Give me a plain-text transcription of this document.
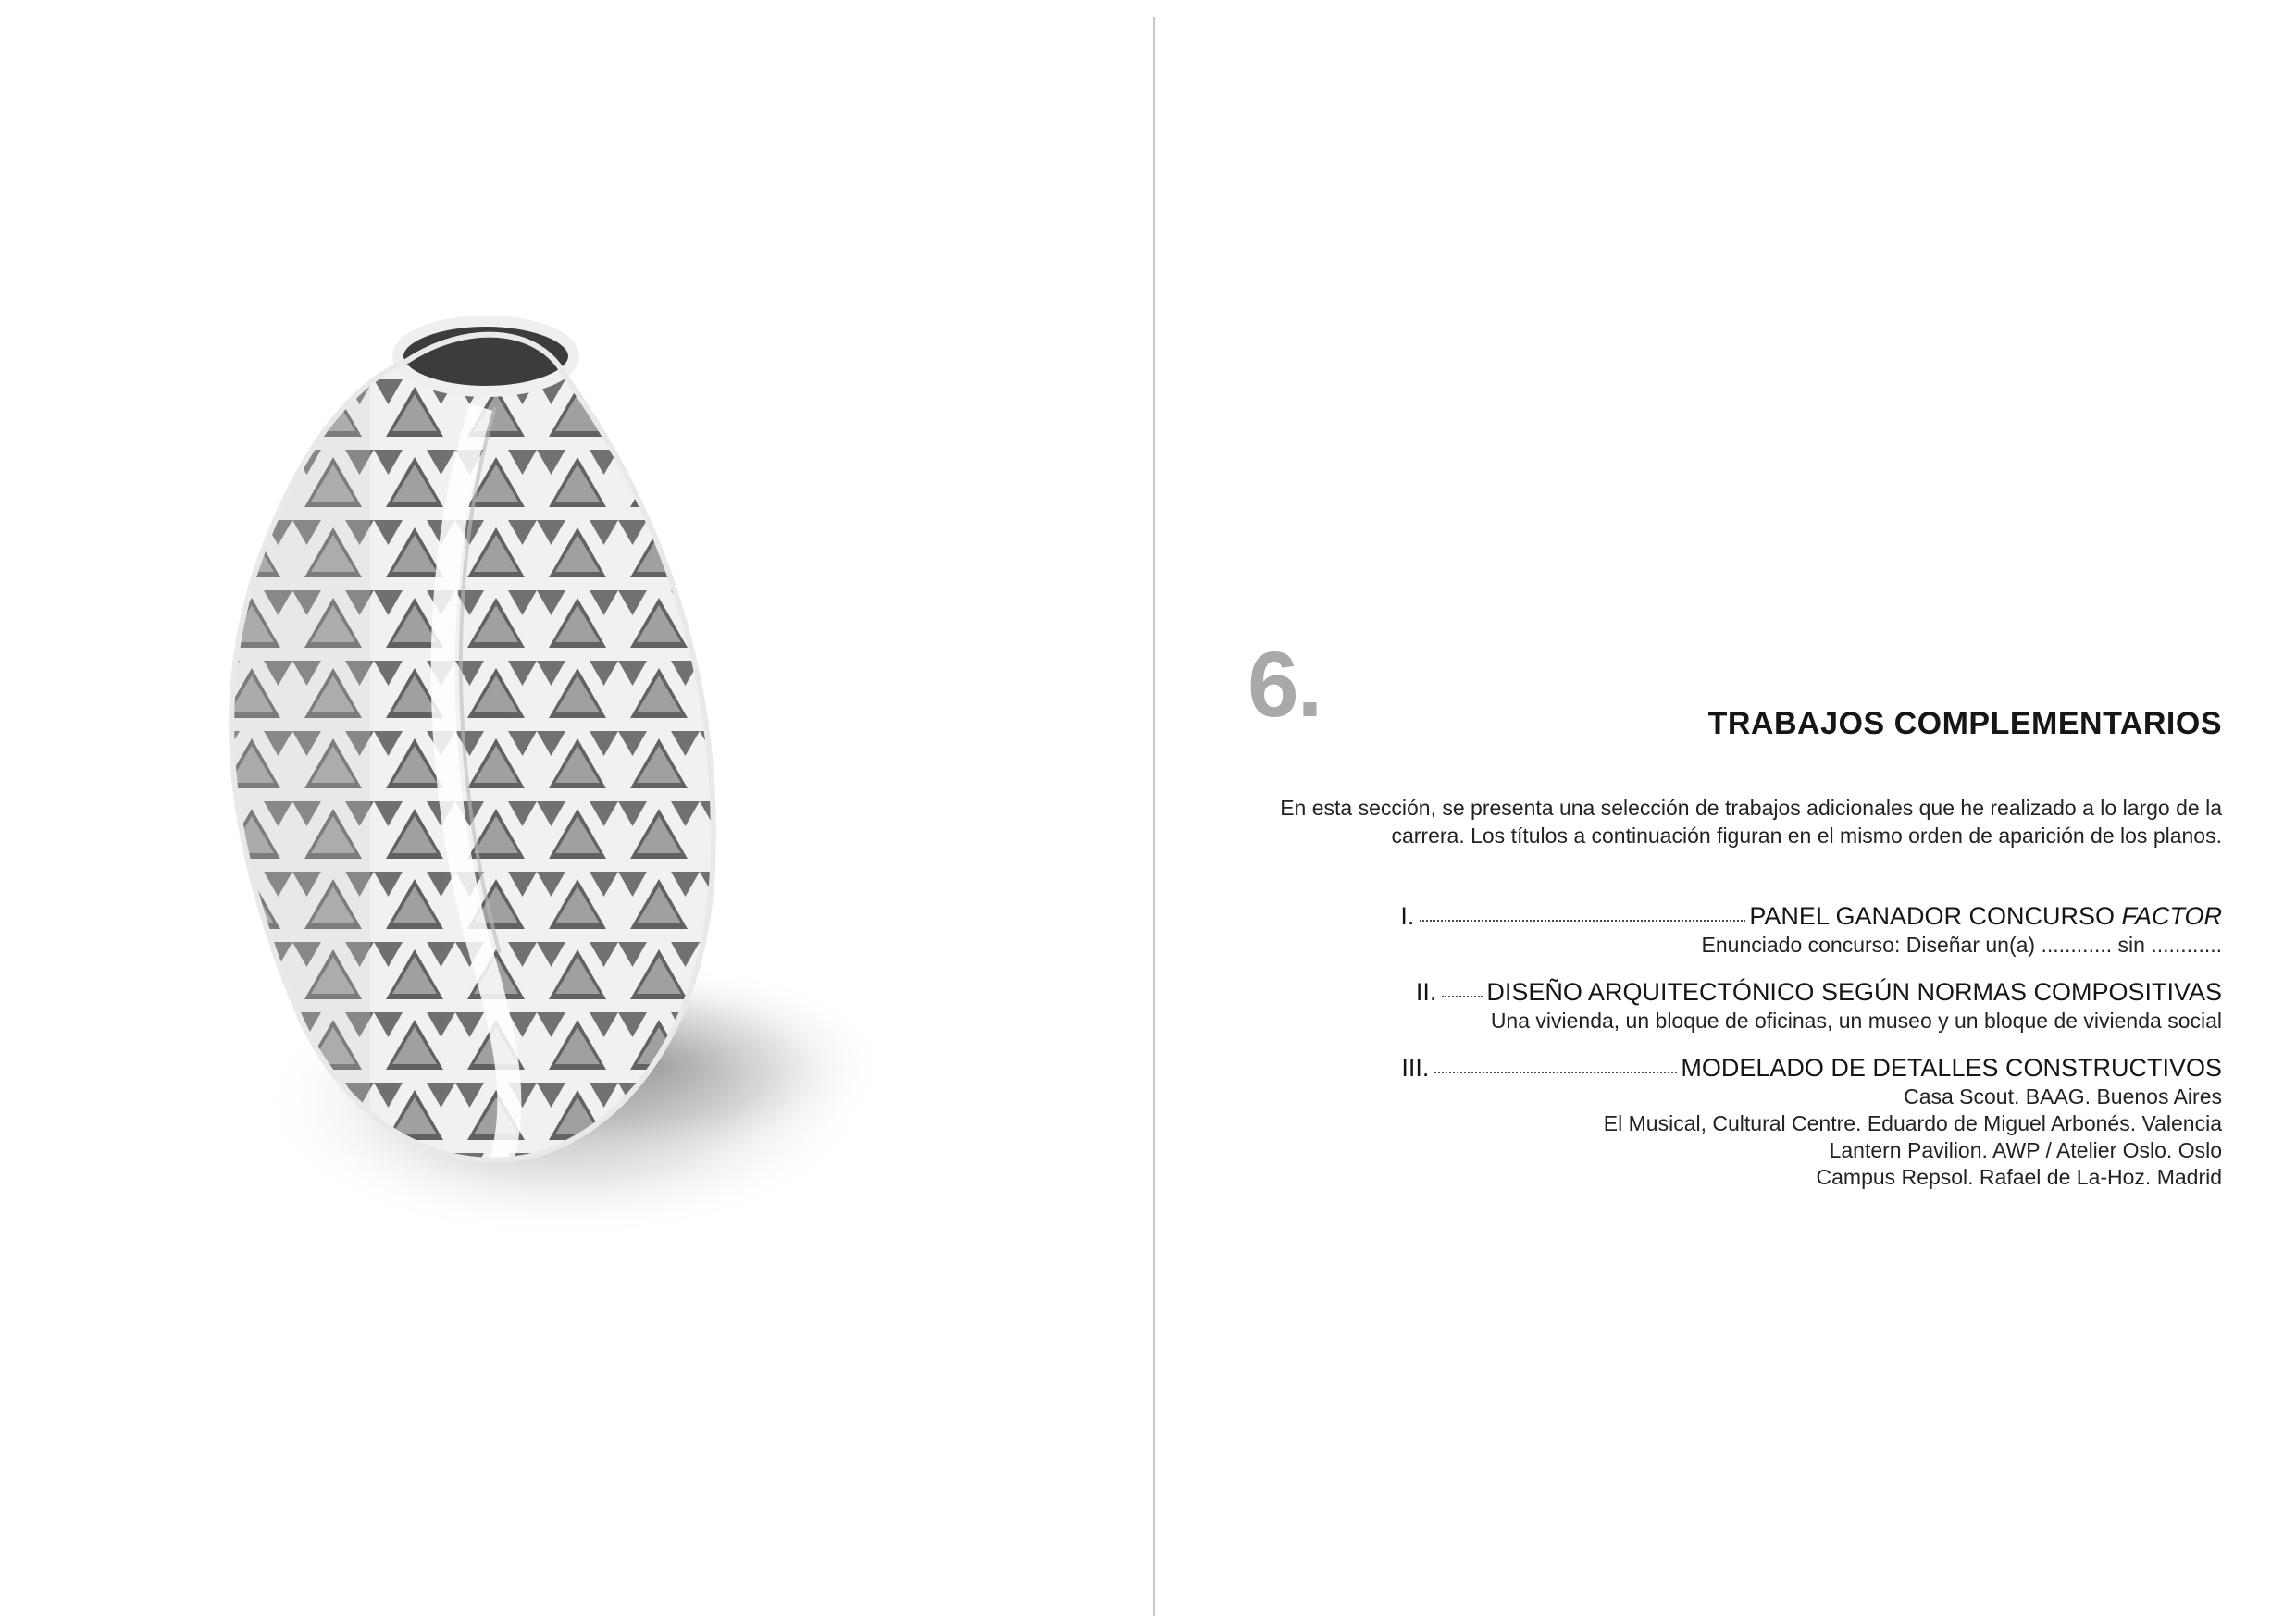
6.	TRABAJOS COMPLEMENTARIOS
En esta sección, se presenta una selección de trabajos adicionales que he realizado a lo largo de la
carrera. Los títulos a continuación figuran en el mismo orden de aparición de los planos.
I.	PANEL GANADOR CONCURSO FACTOR
Enunciado concurso: Diseñar un(a) ............ sin ............
II. DISEÑO ARQUITECTÓNICO SEGÚN NORMAS COMPOSITIVAS
Una vivienda, un bloque de oficinas, un museo y un bloque de vivienda social
III.	MODELADO DE DETALLES CONSTRUCTIVOS
Casa Scout. BAAG. Buenos Aires
El Musical, Cultural Centre. Eduardo de Miguel Arbonés. Valencia
Lantern Pavilion. AWP / Atelier Oslo. Oslo
Campus Repsol. Rafael de La-Hoz. Madrid
